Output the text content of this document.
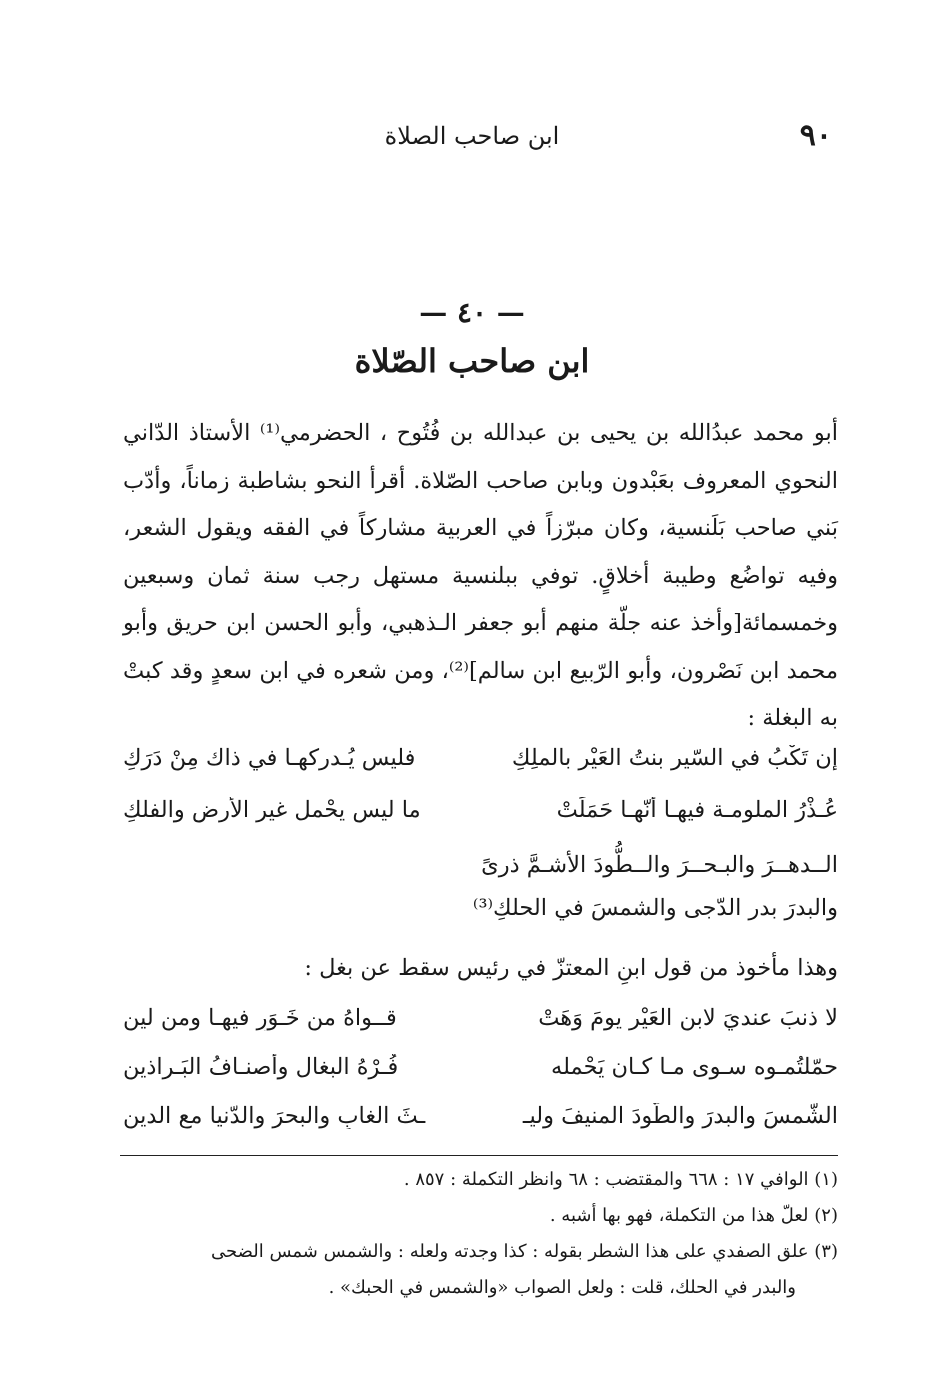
٩٠
ابن صاحب الصلاة
— ٤٠ —
ابن صاحب الصّلاة

أبو محمد عبدُالله بن يحيى بن عبدالله بن فُتُوح ، الحضرمي⁽¹⁾ الأستاذ الدّاني النحوي المعروف بعَبْدون وبابن صاحب الصّلاة. أقرأ النحو بشاطبة زماناً، وأدّب بَني صاحب بَلَنسية، وكان مبرّزاً في العربية مشاركاً في الفقه ويقول الشعر، وفيه تواضُع وطيبة أخلاقٍ. توفي ببلنسية مستهل رجب سنة ثمان وسبعين وخمسمائة[وأخذ عنه جلّة منهم أبو جعفر الـذهبي، وأبو الحسن ابن حريق وأبو محمد ابن نَصْرون، وأبو الرّبيع ابن سالم]⁽²⁾، ومن شعره في ابن سعدٍ وقد كبتْ به البغلة :

إن تَكْبُ في السّير بنتُ العَيْرِ بالملِكِ
فليس يُـدركهـا في ذاك مِنْ دَرَكِ
عُـذْرُ الملومـة فيهـا أنّهـا حَمَلَتْ
ما ليس يحْمل غير الأرضِ والفلكِ
الــدهــرَ والبـحــرَ والــطُّودَ الأشـمَّ ذرىً
والبدرَ بدر الدّجى والشمسَ في الحلكِ⁽³⁾
وهذا مأخوذ من قول ابنِ المعتزّ في رئيس سقط عن بغل :
لا ذنبَ عنديَ لابنِ العَيْرِ يومَ وَهَتْ
قــواهُ من خَـوَرٍ فيهـا ومن لينِ
حمّلتُمـوه سـوى مـا كـان يَحْمله
فُـرْهُ البغال وأصنـافُ البَـراذينِ
الشّمسَ والبدرَ والطَّودَ المنيفَ وليـ
ـثَ الغابِ والبحرَ والدّنيا مع الدينِ

(١) الوافي ١٧ : ٦٦٨ والمقتضب : ٦٨ وانظر التكملة : ٨٥٧ .

(٢) لعلّ هذا من التكملة، فهو بها أشبه .

(٣) علق الصفدي على هذا الشطر بقوله : كذا وجدته ولعله : والشمس شمس الضحى

والبدر في الحلك، قلت : ولعل الصواب «والشمس في الحبك» .
